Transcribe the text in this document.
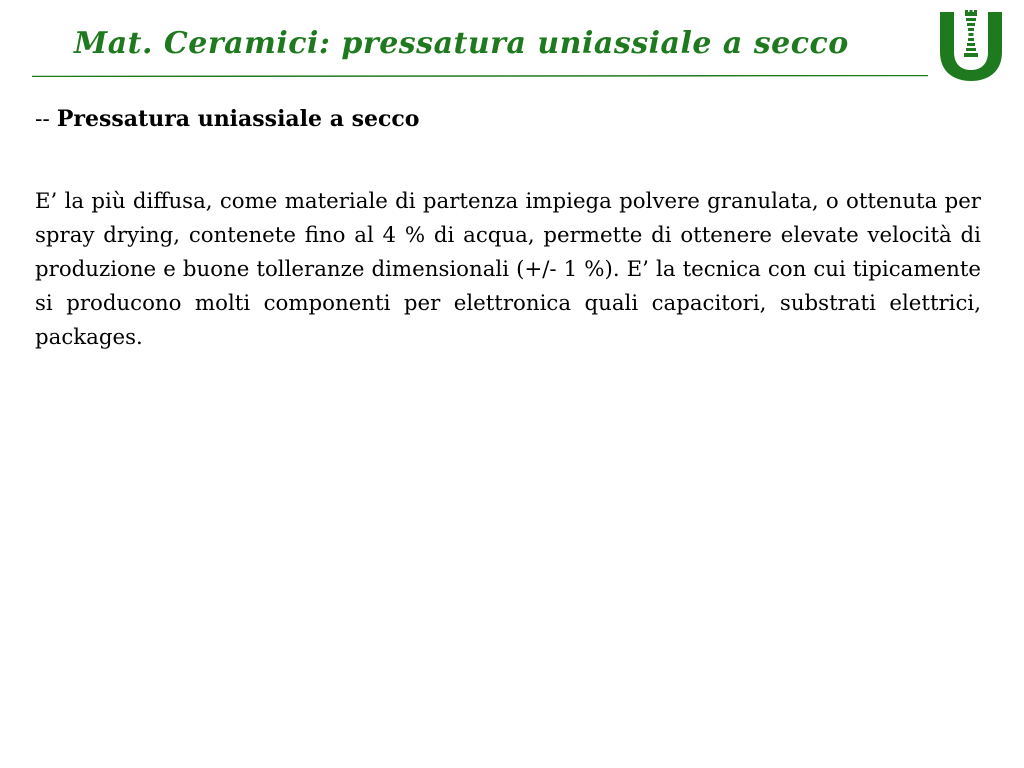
Mat. Ceramici: pressatura uniassiale a secco

-- Pressatura uniassiale a secco

E’ la più diffusa, come materiale di partenza impiega polvere granulata, o ottenuta per spray drying, contenete fino al 4 % di acqua, permette di ottenere elevate velocità di produzione e buone tolleranze dimensionali (+/- 1 %). E’ la tecnica con cui tipicamente si producono molti componenti per elettronica quali capacitori, substrati elettrici, packages.
